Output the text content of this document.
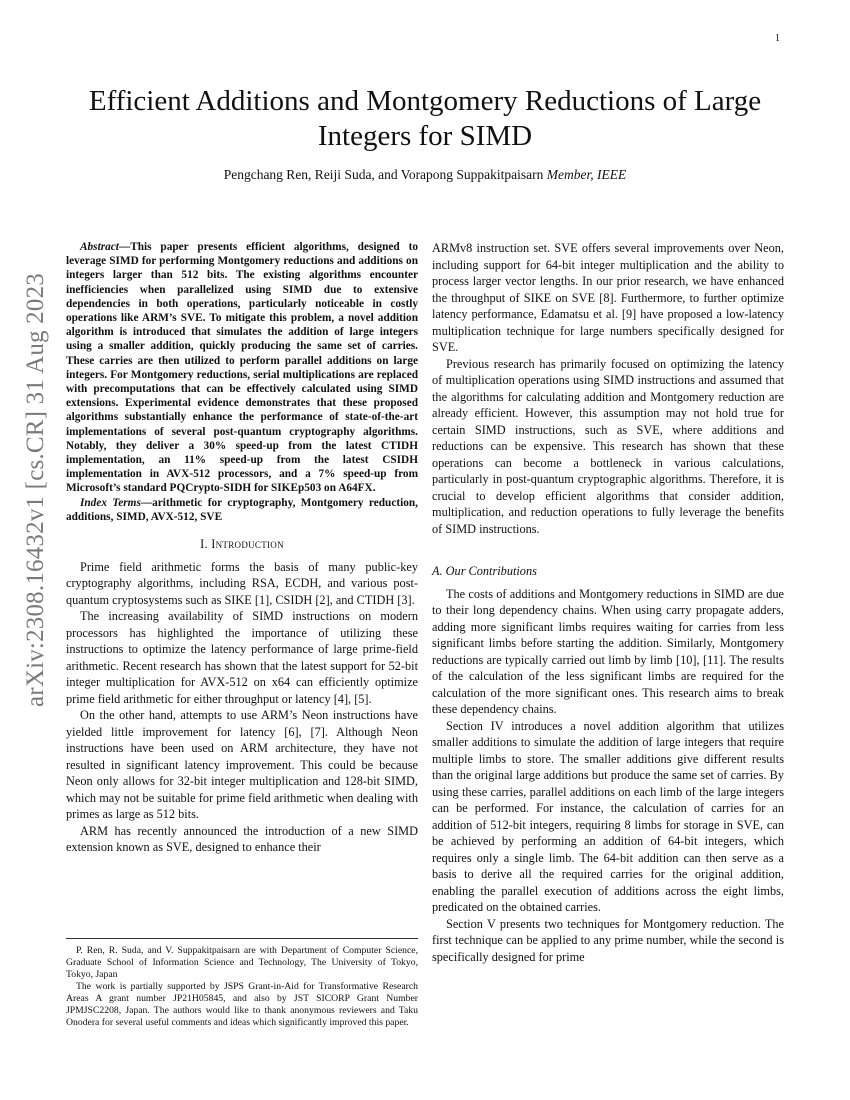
1
arXiv:2308.16432v1 [cs.CR] 31 Aug 2023
Efficient Additions and Montgomery Reductions of Large Integers for SIMD
Pengchang Ren, Reiji Suda, and Vorapong Suppakitpaisarn Member, IEEE

Abstract—This paper presents efficient algorithms, designed to leverage SIMD for performing Montgomery reductions and additions on integers larger than 512 bits. The existing algorithms encounter inefficiencies when parallelized using SIMD due to extensive dependencies in both operations, particularly noticeable in costly operations like ARM’s SVE. To mitigate this problem, a novel addition algorithm is introduced that simulates the addition of large integers using a smaller addition, quickly producing the same set of carries. These carries are then utilized to perform parallel additions on large integers. For Montgomery reductions, serial multiplications are replaced with precomputations that can be effectively calculated using SIMD extensions. Experimental evidence demonstrates that these proposed algorithms substantially enhance the performance of state-of-the-art implementations of several post-quantum cryptography algorithms. Notably, they deliver a 30% speed-up from the latest CTIDH implementation, an 11% speed-up from the latest CSIDH implementation in AVX-512 processors, and a 7% speed-up from Microsoft’s standard PQCrypto-SIDH for SIKEp503 on A64FX.

Index Terms—arithmetic for cryptography, Montgomery reduction, additions, SIMD, AVX-512, SVE

I. Introduction

Prime field arithmetic forms the basis of many public-key cryptography algorithms, including RSA, ECDH, and various post-quantum cryptosystems such as SIKE [1], CSIDH [2], and CTIDH [3].

The increasing availability of SIMD instructions on modern processors has highlighted the importance of utilizing these instructions to optimize the latency performance of large prime-field arithmetic. Recent research has shown that the latest support for 52-bit integer multiplication for AVX-512 on x64 can efficiently optimize prime field arithmetic for either throughput or latency [4], [5].

On the other hand, attempts to use ARM’s Neon instructions have yielded little improvement for latency [6], [7]. Although Neon instructions have been used on ARM architecture, they have not resulted in significant latency improvement. This could be because Neon only allows for 32-bit integer multiplication and 128-bit SIMD, which may not be suitable for prime field arithmetic when dealing with primes as large as 512 bits.

ARM has recently announced the introduction of a new SIMD extension known as SVE, designed to enhance their

P. Ren, R. Suda, and V. Suppakitpaisarn are with Department of Computer Science, Graduate School of Information Science and Technology, The University of Tokyo, Tokyo, Japan

The work is partially supported by JSPS Grant-in-Aid for Transformative Research Areas A grant number JP21H05845, and also by JST SICORP Grant Number JPMJSC2208, Japan. The authors would like to thank anonymous reviewers and Taku Onodera for several useful comments and ideas which significantly improved this paper.

ARMv8 instruction set. SVE offers several improvements over Neon, including support for 64-bit integer multiplication and the ability to process larger vector lengths. In our prior research, we have enhanced the throughput of SIKE on SVE [8]. Furthermore, to further optimize latency performance, Edamatsu et al. [9] have proposed a low-latency multiplication technique for large numbers specifically designed for SVE.

Previous research has primarily focused on optimizing the latency of multiplication operations using SIMD instructions and assumed that the algorithms for calculating addition and Montgomery reduction are already efficient. However, this assumption may not hold true for certain SIMD instructions, such as SVE, where additions and reductions can be expensive. This research has shown that these operations can become a bottleneck in various calculations, particularly in post-quantum cryptographic algorithms. Therefore, it is crucial to develop efficient algorithms that consider addition, multiplication, and reduction operations to fully leverage the benefits of SIMD instructions.

A. Our Contributions

The costs of additions and Montgomery reductions in SIMD are due to their long dependency chains. When using carry propagate adders, adding more significant limbs requires waiting for carries from less significant limbs before starting the addition. Similarly, Montgomery reductions are typically carried out limb by limb [10], [11]. The results of the calculation of the less significant limbs are required for the calculation of the more significant ones. This research aims to break these dependency chains.

Section IV introduces a novel addition algorithm that utilizes smaller additions to simulate the addition of large integers that require multiple limbs to store. The smaller additions give different results than the original large additions but produce the same set of carries. By using these carries, parallel additions on each limb of the large integers can be performed. For instance, the calculation of carries for an addition of 512-bit integers, requiring 8 limbs for storage in SVE, can be achieved by performing an addition of 64-bit integers, which requires only a single limb. The 64-bit addition can then serve as a basis to derive all the required carries for the original addition, enabling the parallel execution of additions across the eight limbs, predicated on the obtained carries.

Section V presents two techniques for Montgomery reduction. The first technique can be applied to any prime number, while the second is specifically designed for prime
